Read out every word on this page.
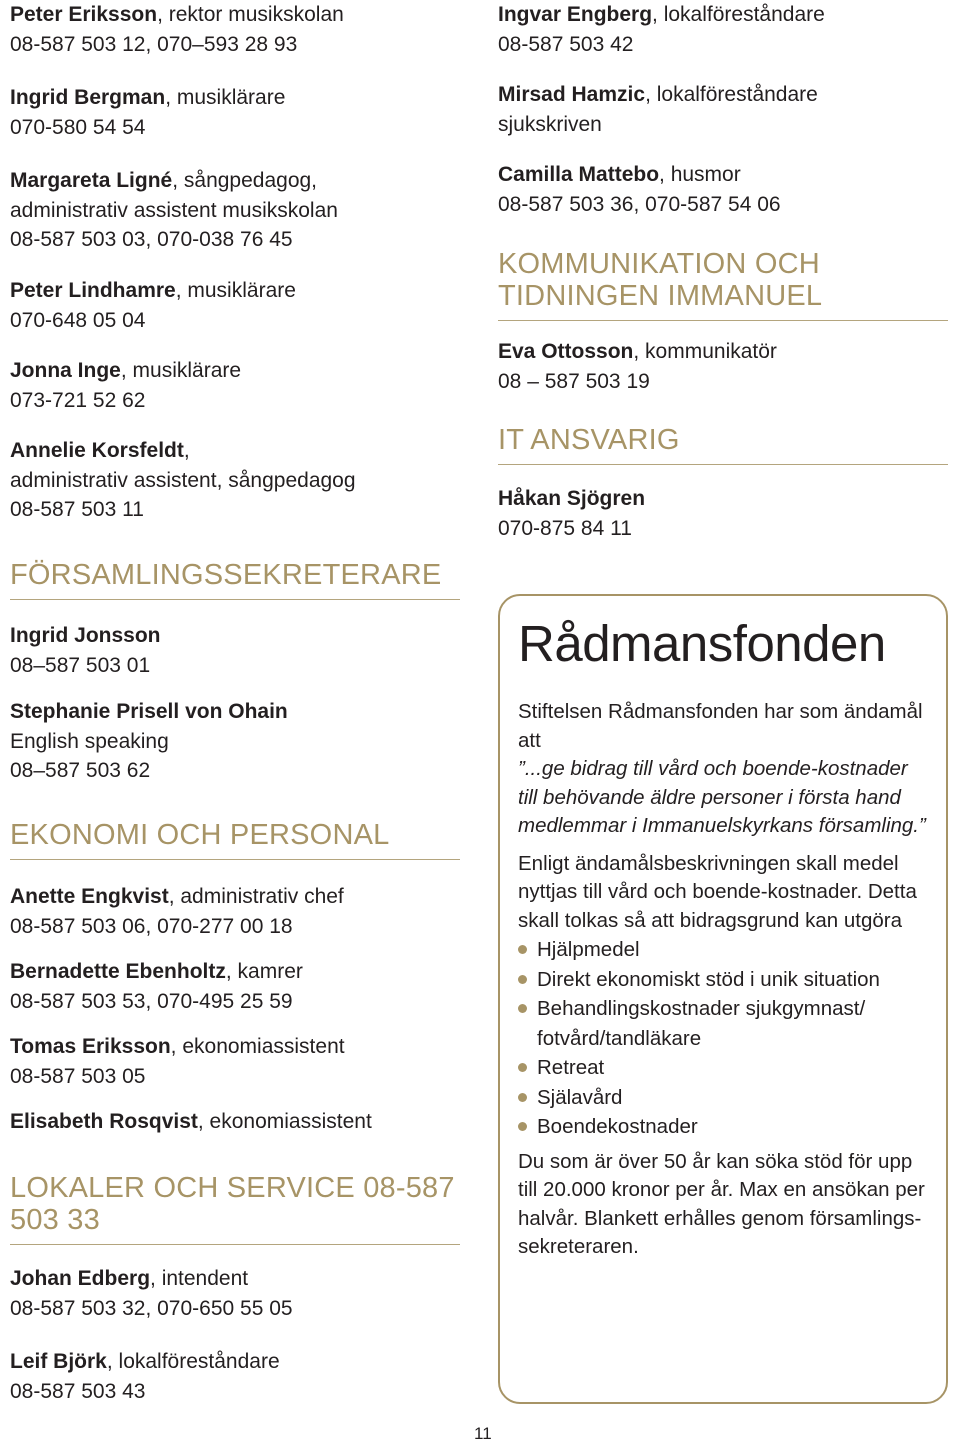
Peter Eriksson, rektor musikskolan
08-587 503 12, 070–593 28 93
Ingrid Bergman, musiklärare
070-580 54 54
Margareta Ligné, sångpedagog,
administrativ assistent musikskolan
08-587 503 03, 070-038 76 45
Peter Lindhamre, musiklärare
070-648 05 04
Jonna Inge, musiklärare
073-721 52 62
Annelie Korsfeldt,
administrativ assistent, sångpedagog
08-587 503 11
FÖRSAMLINGSSEKRETERARE
Ingrid Jonsson
08–587 503 01
Stephanie Prisell von Ohain
English speaking
08–587 503 62
EKONOMI OCH PERSONAL
Anette Engkvist, administrativ chef
08-587 503 06, 070-277 00 18
Bernadette Ebenholtz, kamrer
08-587 503 53, 070-495 25 59
Tomas Eriksson, ekonomiassistent
08-587 503 05
Elisabeth Rosqvist, ekonomiassistent
LOKALER OCH SERVICE 08-587 503 33
Johan Edberg, intendent
08-587 503 32, 070-650 55 05
Leif Björk, lokalföreståndare
08-587 503 43
Ingvar Engberg, lokalföreståndare
08-587 503 42
Mirsad Hamzic, lokalföreståndare
sjukskriven
Camilla Mattebo, husmor
08-587 503 36, 070-587 54 06
KOMMUNIKATION OCH TIDNINGEN IMMANUEL
Eva Ottosson, kommunikatör
08 – 587 503 19
IT ANSVARIG
Håkan Sjögren
070-875 84 11
Rådmansfonden

Stiftelsen Rådmansfonden har som ändamål att

”...ge bidrag till vård och boende-kostnader till behövande äldre personer i första hand medlemmar i Immanuelskyrkans församling.”

Enligt ändamålsbeskrivningen skall medel nyttjas till vård och boende-kostnader. Detta skall tolkas så att bidragsgrund kan utgöra

Hjälpmedel
Direkt ekonomiskt stöd i unik situation
Behandlingskostnader sjukgymnast/ fotvård/tandläkare
Retreat
Själavård
Boendekostnader

Du som är över 50 år kan söka stöd för upp till 20.000 kronor per år. Max en ansökan per halvår. Blankett erhålles genom församlings-sekreteraren.

11
